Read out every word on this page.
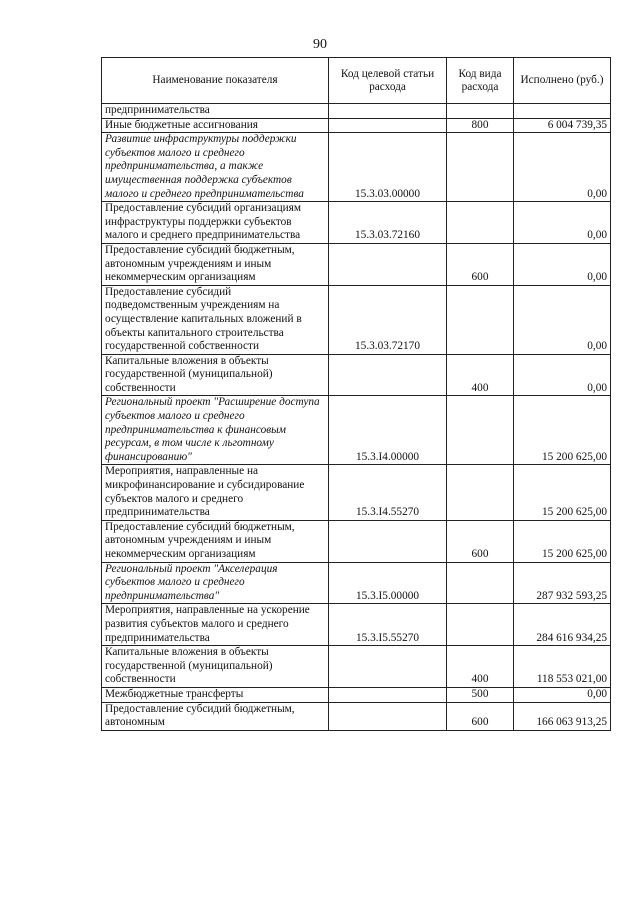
90
Наименование показателя	Код целевой статьи расхода	Код вида расхода	Исполнено (руб.)
предпринимательства			
Иные бюджетные ассигнования		800	6 004 739,35
Развитие инфраструктуры поддержки субъектов малого и среднего предпринимательства, а также имущественная поддержка субъектов малого и среднего предпринимательства	15.3.03.00000		0,00
Предоставление субсидий организациям инфраструктуры поддержки субъектов малого и среднего предпринимательства	15.3.03.72160		0,00
Предоставление субсидий бюджетным, автономным учреждениям и иным некоммерческим организациям		600	0,00
Предоставление субсидий подведомственным учреждениям на осуществление капитальных вложений в объекты капитального строительства государственной собственности	15.3.03.72170		0,00
Капитальные вложения в объекты государственной (муниципальной) собственности		400	0,00
Региональный проект "Расширение доступа субъектов малого и среднего предпринимательства к финансовым ресурсам, в том числе к льготному финансированию"	15.3.I4.00000		15 200 625,00
Мероприятия, направленные на микрофинансирование и субсидирование субъектов малого и среднего предпринимательства	15.3.I4.55270		15 200 625,00
Предоставление субсидий бюджетным, автономным учреждениям и иным некоммерческим организациям		600	15 200 625,00
Региональный проект "Акселерация субъектов малого и среднего предпринимательства"	15.3.I5.00000		287 932 593,25
Мероприятия, направленные на ускорение развития субъектов малого и среднего предпринимательства	15.3.I5.55270		284 616 934,25
Капитальные вложения в объекты государственной (муниципальной) собственности		400	118 553 021,00
Межбюджетные трансферты		500	0,00
Предоставление субсидий бюджетным, автономным		600	166 063 913,25
